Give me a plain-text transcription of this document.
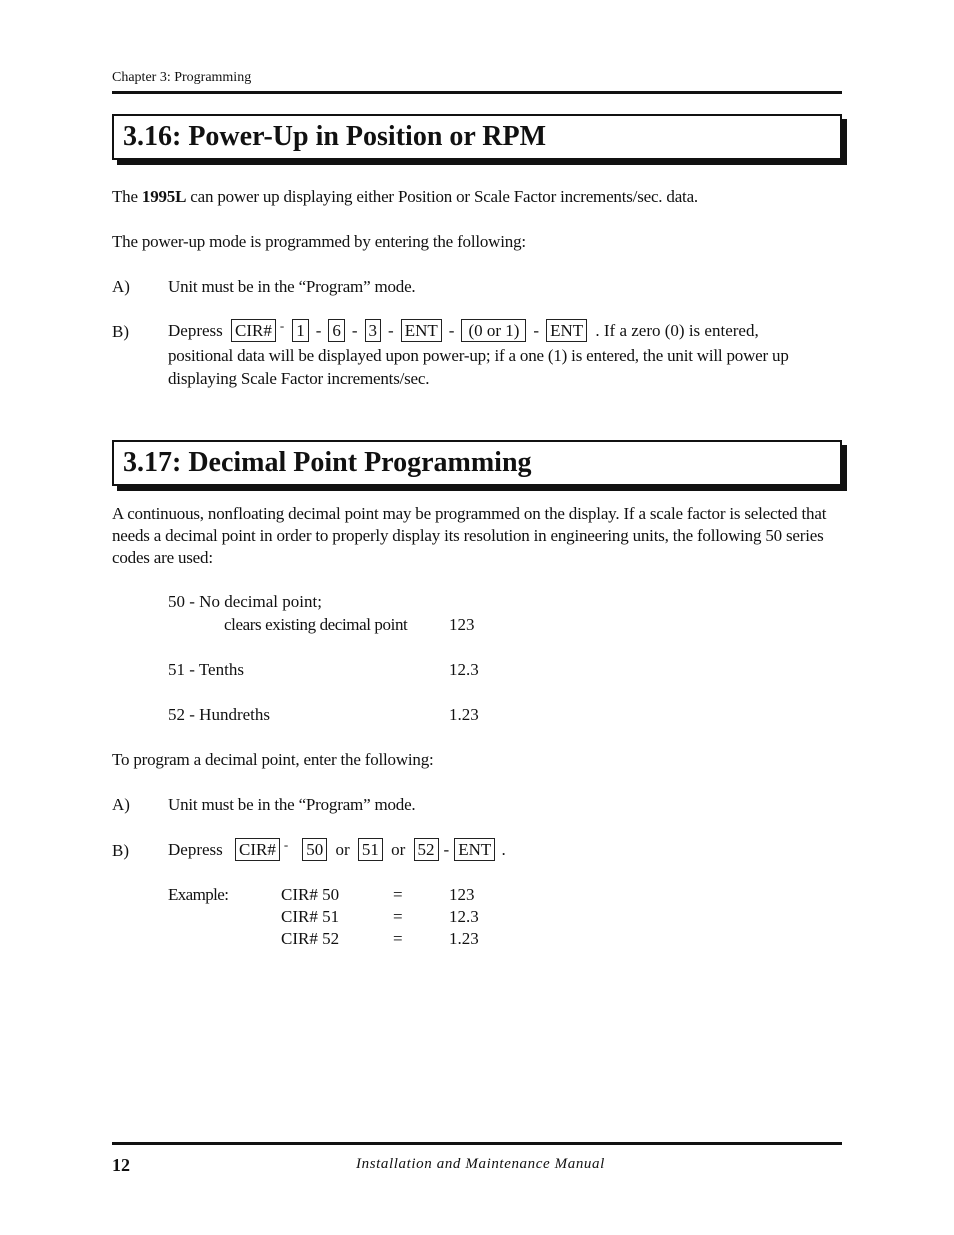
Chapter 3: Programming
3.16: Power-Up in Position or RPM
The 1995L can power up displaying either Position or Scale Factor increments/sec. data.
The power-up mode is programmed by entering the following:
A) Unit must be in the “Program” mode.
B) Depress CIR# - 1 - 6 - 3 - ENT - (0 or 1) - ENT . If a zero (0) is entered,
positional data will be displayed upon power-up; if a one (1) is entered, the unit will power up
displaying Scale Factor increments/sec.
3.17: Decimal Point Programming
A continuous, nonfloating decimal point may be programmed on the display. If a scale factor is selected that needs a decimal point in order to properly display its resolution in engineering units, the following 50 series codes are used:
50 - No decimal point;
clears existing decimal point 123
51 - Tenths	12.3
52 - Hundreths	1.23
To program a decimal point, enter the following:
A) Unit must be in the “Program” mode.
B) Depress CIR# - 50 or 51 or 52 - ENT .
Example:	CIR# 50	=	123
CIR# 51	=	12.3
CIR# 52	=	1.23
12	Installation and Maintenance Manual
